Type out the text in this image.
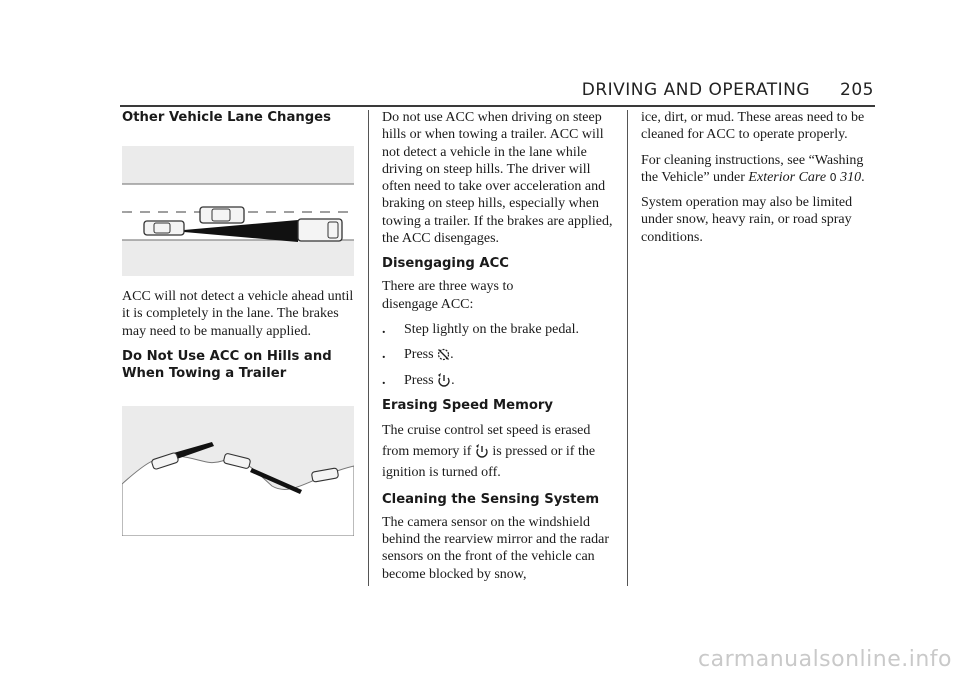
DRIVING AND OPERATING 205
Other Vehicle Lane Changes

ACC will not detect a vehicle ahead until it is completely in the lane. The brakes may need to be manually applied.

Do Not Use ACC on Hills and When Towing a Trailer

Do not use ACC when driving on steep hills or when towing a trailer. ACC will not detect a vehicle in the lane while driving on steep hills. The driver will often need to take over acceleration and braking on steep hills, especially when towing a trailer. If the brakes are applied, the ACC disengages.

Disengaging ACC

There are three ways to disengage ACC:

.	Step lightly on the brake pedal.
.	Press
.
.	Press
.
Erasing Speed Memory

The cruise control set speed is erased from memory if is pressed or if the ignition is turned off.

Cleaning the Sensing System

The camera sensor on the windshield behind the rearview mirror and the radar sensors on the front of the vehicle can become blocked by snow,

ice, dirt, or mud. These areas need to be cleaned for ACC to operate properly.

For cleaning instructions, see “Washing the Vehicle” under Exterior Care 0 310.

System operation may also be limited under snow, heavy rain, or road spray conditions.

carmanualsonline.info
